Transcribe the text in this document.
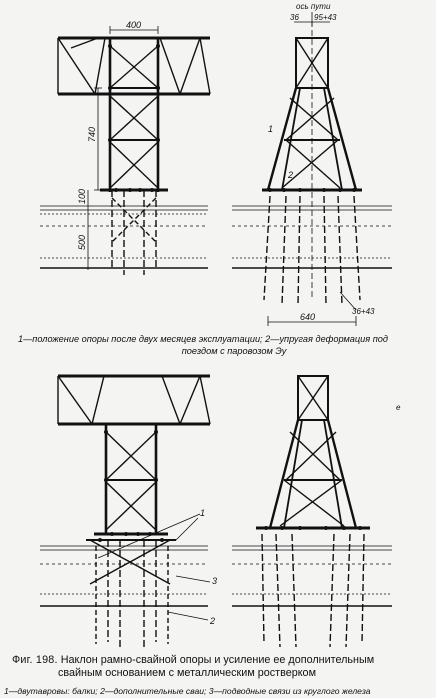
400
740
100
500
ось пути
36 95+43
640
36+43
1
2
1—положение опоры после двух месяцев эксплуатации; 2—упругая деформация под
поездом с паровозом Эу
1
3
2
е
Фиг. 198. Наклон рамно-свайной опоры и усиление ее дополнительным
свайным основанием с металлическим ростверком
1—двутавровы: балки; 2—дополнительные сваи; 3—подводные связи из круглого железа
